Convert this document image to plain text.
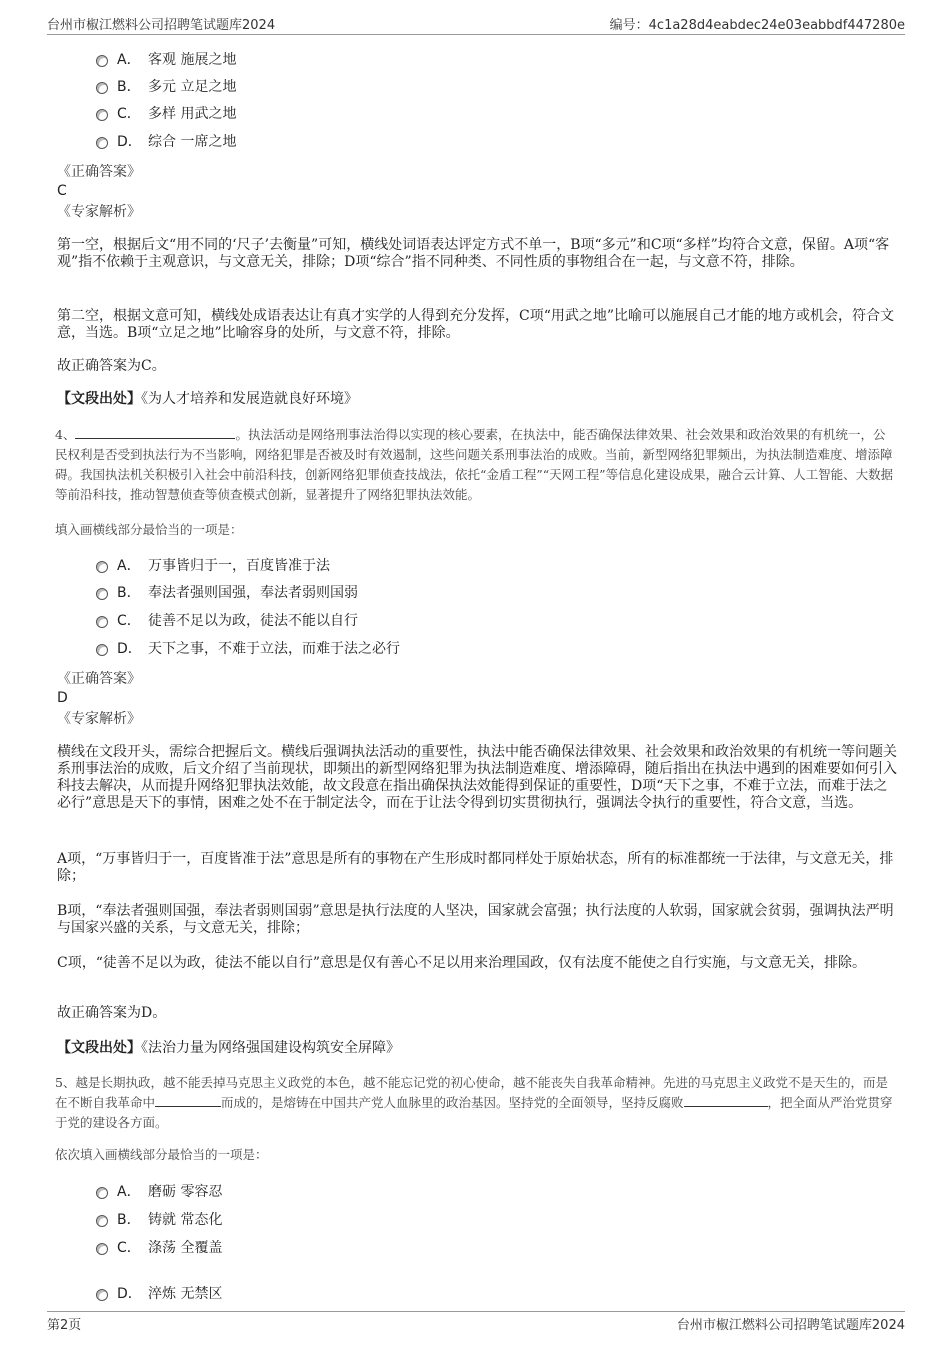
台州市椒江燃料公司招聘笔试题库2024	编号：4c1a28d4eabdec24e03eabbdf447280e
A． 客观 施展之地
B． 多元 立足之地
C． 多样 用武之地
D． 综合 一席之地
《正确答案》
C
《专家解析》

第一空，根据后文“用不同的‘尺子’去衡量”可知，横线处词语表达评定方式不单一，B项“多元”和C项“多样”均符合文意，保留。A项“客观”指不依赖于主观意识，与文意无关，排除；D项“综合”指不同种类、不同性质的事物组合在一起，与文意不符，排除。

第二空，根据文意可知，横线处成语表达让有真才实学的人得到充分发挥，C项“用武之地”比喻可以施展自己才能的地方或机会，符合文意，当选。B项“立足之地”比喻容身的处所，与文意不符，排除。

故正确答案为C。

【文段出处】《为人才培养和发展造就良好环境》

4、	。执法活动是网络刑事法治得以实现的核心要素，在执法中，能否确保法律效果、社会效果和政治效果的有机统一，公民权利是否受到执法行为不当影响，网络犯罪是否被及时有效遏制，这些问题关系刑事法治的成败。当前，新型网络犯罪频出，为执法制造难度、增添障碍。我国执法机关积极引入社会中前沿科技，创新网络犯罪侦查技战法，依托“金盾工程”“天网工程”等信息化建设成果，融合云计算、人工智能、大数据等前沿科技，推动智慧侦查等侦查模式创新，显著提升了网络犯罪执法效能。

填入画横线部分最恰当的一项是：

A． 万事皆归于一，百度皆准于法
B． 奉法者强则国强，奉法者弱则国弱
C． 徒善不足以为政，徒法不能以自行
D． 天下之事，不难于立法，而难于法之必行
《正确答案》
D
《专家解析》

横线在文段开头，需综合把握后文。横线后强调执法活动的重要性，执法中能否确保法律效果、社会效果和政治效果的有机统一等问题关系刑事法治的成败，后文介绍了当前现状，即频出的新型网络犯罪为执法制造难度、增添障碍，随后指出在执法中遇到的困难要如何引入科技去解决，从而提升网络犯罪执法效能，故文段意在指出确保执法效能得到保证的重要性，D项“天下之事，不难于立法，而难于法之必行”意思是天下的事情，困难之处不在于制定法令，而在于让法令得到切实贯彻执行，强调法令执行的重要性，符合文意，当选。

A项，“万事皆归于一，百度皆准于法”意思是所有的事物在产生形成时都同样处于原始状态，所有的标准都统一于法律，与文意无关，排除；

B项，“奉法者强则国强，奉法者弱则国弱”意思是执行法度的人坚决，国家就会富强；执行法度的人软弱，国家就会贫弱，强调执法严明与国家兴盛的关系，与文意无关，排除；

C项，“徒善不足以为政，徒法不能以自行”意思是仅有善心不足以用来治理国政，仅有法度不能使之自行实施，与文意无关，排除。

故正确答案为D。

【文段出处】《法治力量为网络强国建设构筑安全屏障》

5、越是长期执政，越不能丢掉马克思主义政党的本色，越不能忘记党的初心使命，越不能丧失自我革命精神。先进的马克思主义政党不是天生的，而是在不断自我革命中	而成的，是熔铸在中国共产党人血脉里的政治基因。坚持党的全面领导，坚持反腐败	，把全面从严治党贯穿于党的建设各方面。

依次填入画横线部分最恰当的一项是：

A． 磨砺 零容忍
B． 铸就 常态化
C． 涤荡 全覆盖
D． 淬炼 无禁区
第2页	台州市椒江燃料公司招聘笔试题库2024
